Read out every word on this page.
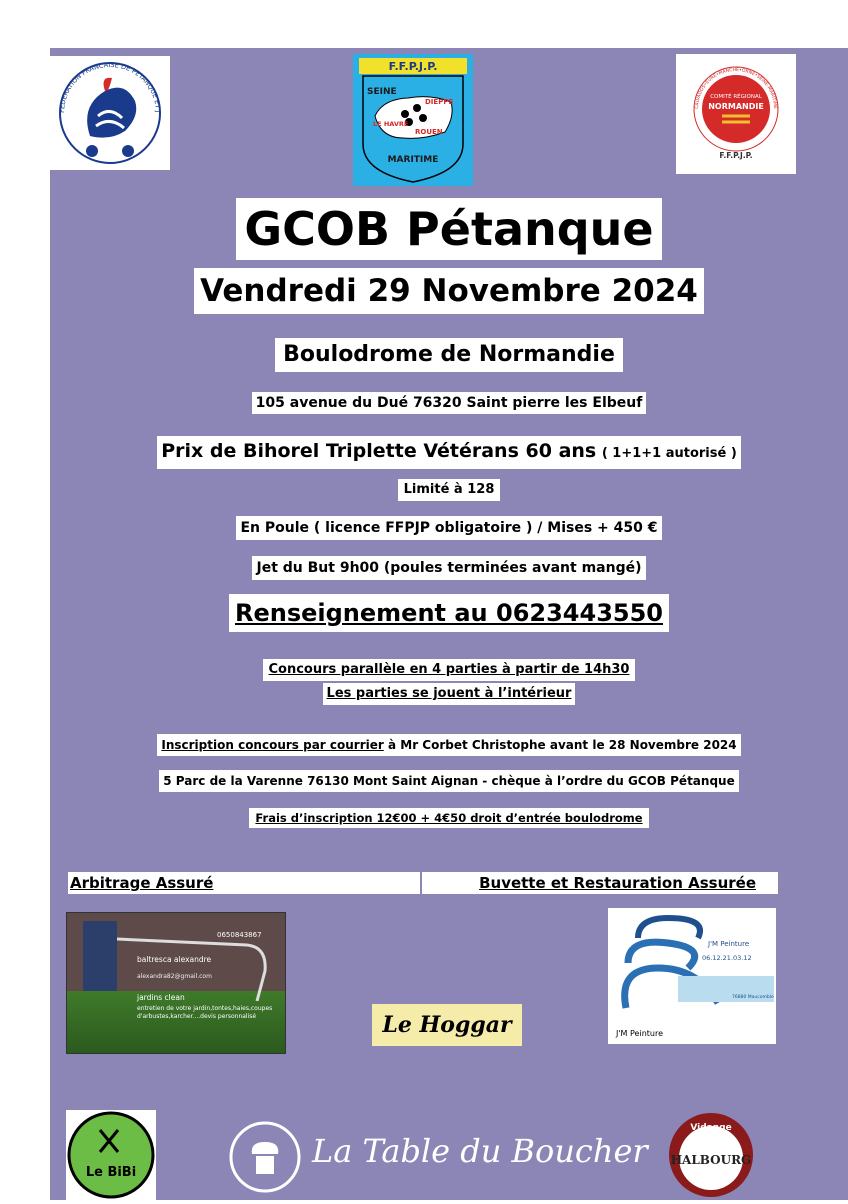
FEDERATION FRANCAISE DE PETANQUE ET J
F.F.P.J.P.
SEINE
DIEPPE
LE HAVRE
ROUEN
MARITIME
CALVADOS•EURE•MANCHE•ORNE•SEINE-MARITIME
COMITÉ RÉGIONAL
NORMANDIE
F.F.P.J.P.
GCOB Pétanque
Vendredi 29 Novembre 2024
Boulodrome de Normandie
105 avenue du Dué 76320 Saint pierre les Elbeuf
Prix de Bihorel Triplette Vétérans 60 ans ( 1+1+1 autorisé )
Limité à 128
En Poule ( licence FFPJP obligatoire ) / Mises + 450 €
Jet du But 9h00 (poules terminées avant mangé)
Renseignement au 0623443550
Concours parallèle en 4 parties à partir de 14h30
Les parties se jouent à l’intérieur
Inscription concours par courrier à Mr Corbet Christophe avant le 28 Novembre 2024
5 Parc de la Varenne 76130 Mont Saint Aignan - chèque à l’ordre du GCOB Pétanque
Frais d’inscription 12€00 + 4€50 droit d’entrée boulodrome
Arbitrage Assuré	Buvette et Restauration Assurée
0650843867
baltresca alexandre
alexandra82@gmail.com
jardins clean
entretien de votre jardin,tontes,haies,coupes d'arbustes,karcher....devis personnalisé	Le Hoggar
J'M Peinture
06.12.21.03.12
76880 Maucomble
J'M Peinture
Le BiBi
La Table du Boucher
Vidange
HALBOURG
